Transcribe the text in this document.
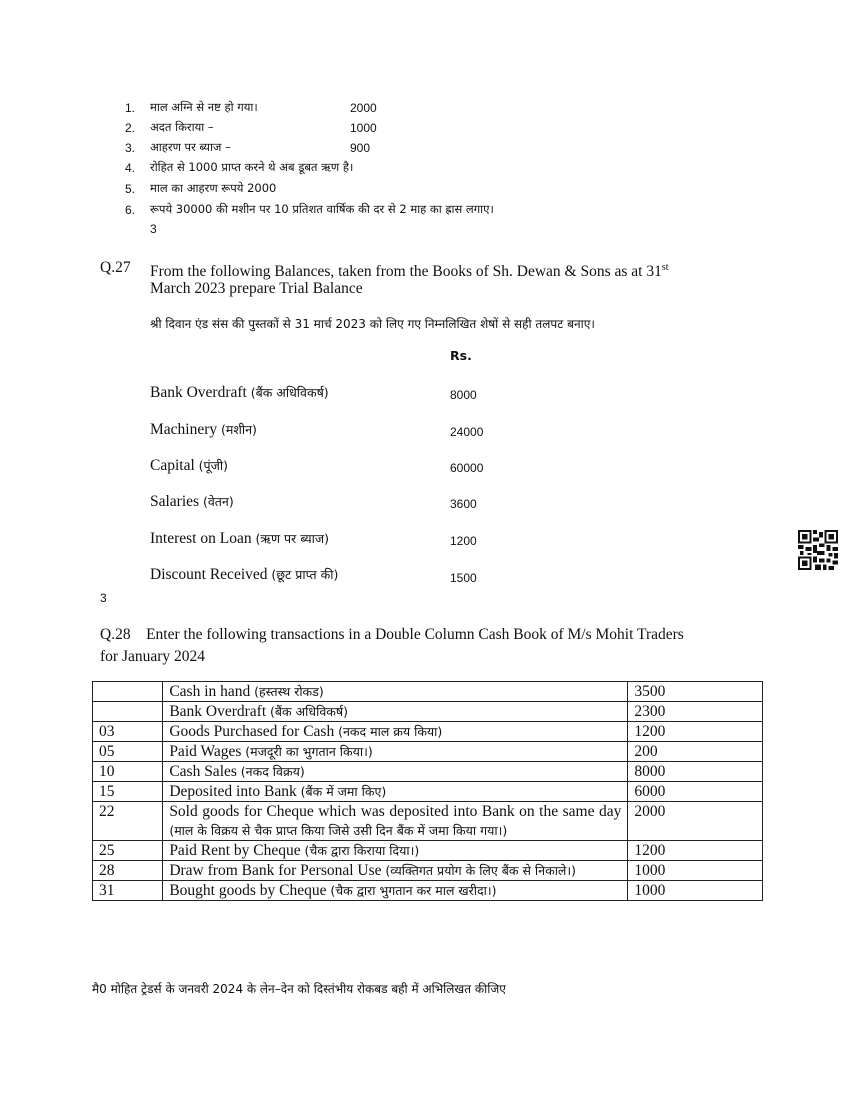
1. माल अग्नि से नष्ट हो गया।	2000
2. अदत किराया –	1000
3. आहरण पर ब्याज –	900
4. रोहित से 1000 प्राप्त करने थे अब डूबत ऋण है।
5. माल का आहरण रूपये 2000
6. रूपये 30000 की मशीन पर 10 प्रतिशत वार्षिक की दर से 2 माह का ह्रास लगाए।
3
Q.27 From the following Balances, taken from the Books of Sh. Dewan & Sons as at 31st
March 2023 prepare Trial Balance
श्री दिवान एंड संस की पुस्तकों से 31 मार्च 2023 को लिए गए निम्नलिखित शेषों से सही तलपट बनाए।
Rs.
Bank Overdraft (बैंक अधिविकर्ष)	8000
Machinery (मशीन)	24000
Capital (पूंजी)	60000
Salaries (वेतन)	3600
Interest on Loan (ऋण पर ब्याज)	1200
Discount Received (छूट प्राप्त की)	1500
3
Q.28 Enter the following transactions in a Double Column Cash Book of M/s Mohit Traders
for January 2024
	Cash in hand (हस्तस्थ रोकड)	3500
	Bank Overdraft (बैंक अधिविकर्ष)	2300
03	Goods Purchased for Cash (नकद माल क्रय किया)	1200
05	Paid Wages (मजदूरी का भुगतान किया।)	200
10	Cash Sales (नकद विक्रय)	8000
15	Deposited into Bank (बैंक में जमा किए)	6000
22	Sold goods for Cheque which was deposited into Bank on the same day (माल के विक्रय से चैक प्राप्त किया जिसे उसी दिन बैंक में जमा किया गया।)	2000
25	Paid Rent by Cheque (चैक द्वारा किराया दिया।)	1200
28	Draw from Bank for Personal Use (व्यक्तिगत प्रयोग के लिए बैंक से निकाले।)	1000
31	Bought goods by Cheque (चैक द्वारा भुगतान कर माल खरीदा।)	1000
मै0 मोहित ट्रेडर्स के जनवरी 2024 के लेन–देन को दिस्तंभीय रोकबड बही में अभिलिखत कीजिए
